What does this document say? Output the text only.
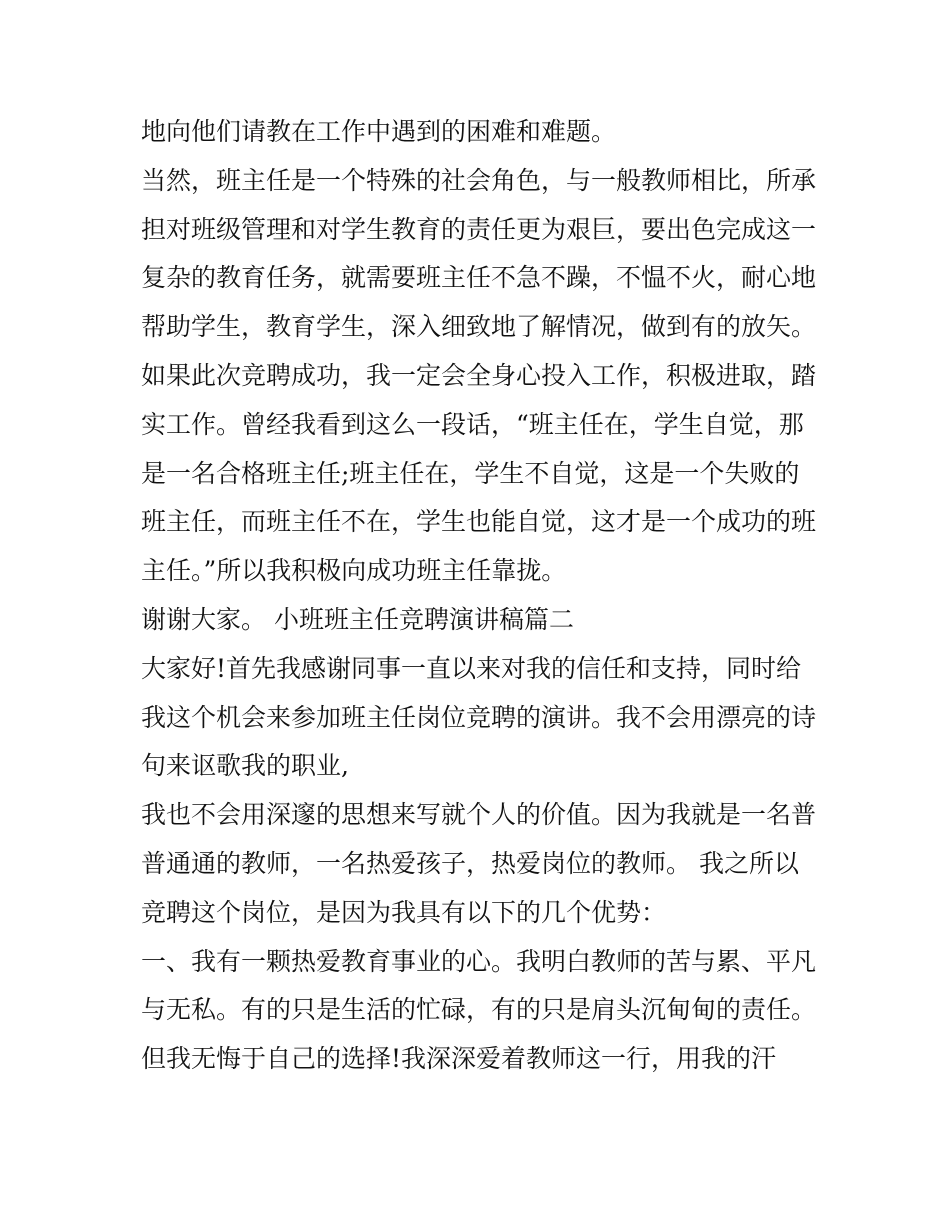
地向他们请教在工作中遇到的困难和难题。
当然，班主任是一个特殊的社会角色，与一般教师相比，所承
担对班级管理和对学生教育的责任更为艰巨，要出色完成这一
复杂的教育任务，就需要班主任不急不躁，不愠不火，耐心地
帮助学生，教育学生，深入细致地了解情况，做到有的放矢。
如果此次竞聘成功，我一定会全身心投入工作，积极进取，踏
实工作。曾经我看到这么一段话，“班主任在，学生自觉，那
是一名合格班主任;班主任在，学生不自觉，这是一个失败的
班主任，而班主任不在，学生也能自觉，这才是一个成功的班
主任。”所以我积极向成功班主任靠拢。
谢谢大家。 小班班主任竞聘演讲稿篇二
大家好!首先我感谢同事一直以来对我的信任和支持，同时给
我这个机会来参加班主任岗位竞聘的演讲。我不会用漂亮的诗
句来讴歌我的职业,
我也不会用深邃的思想来写就个人的价值。因为我就是一名普
普通通的教师，一名热爱孩子，热爱岗位的教师。 我之所以
竞聘这个岗位，是因为我具有以下的几个优势：
一、我有一颗热爱教育事业的心。我明白教师的苦与累、平凡
与无私。有的只是生活的忙碌，有的只是肩头沉甸甸的责任。
但我无悔于自己的选择!我深深爱着教师这一行，用我的汗
